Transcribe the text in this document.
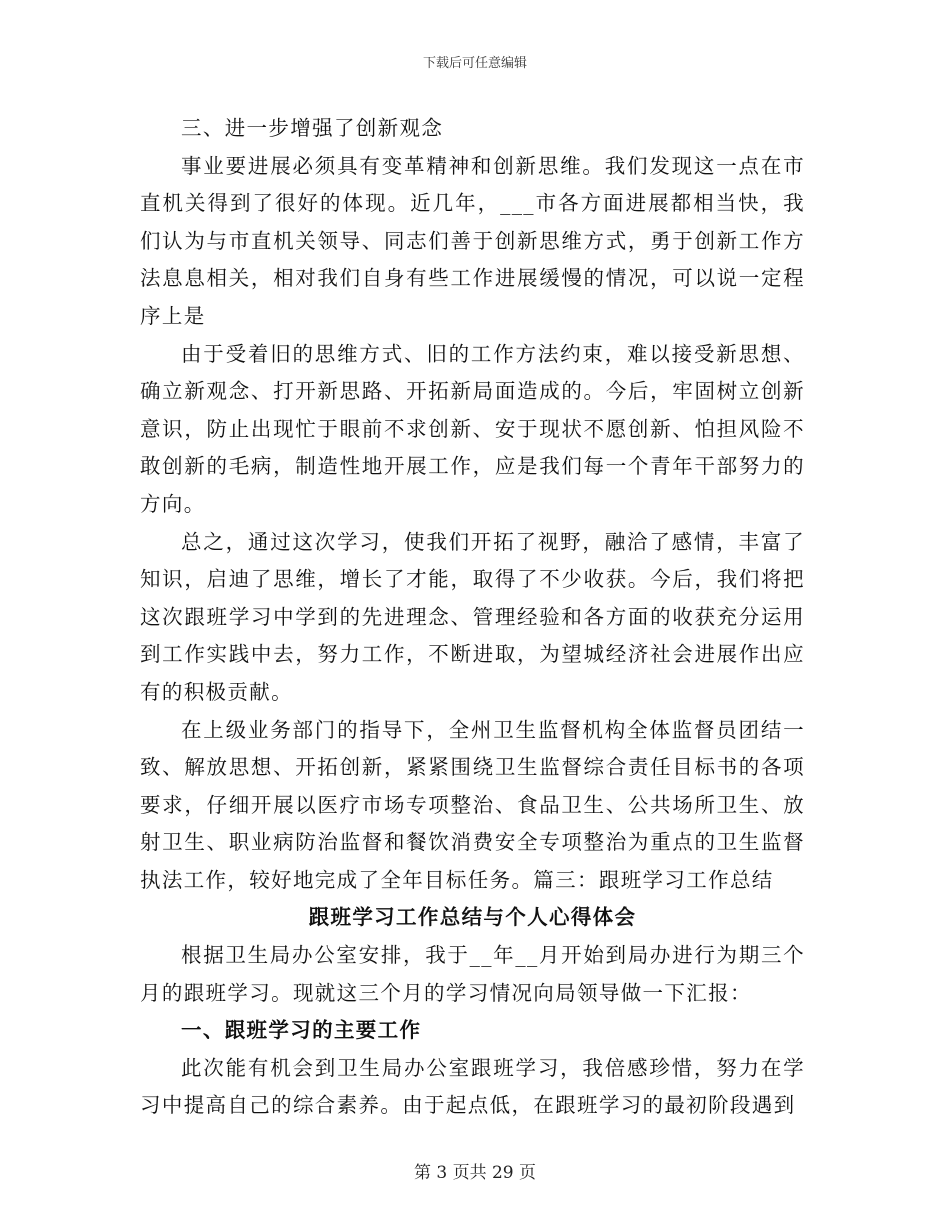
下载后可任意编辑

三、进一步增强了创新观念

事业要进展必须具有变革精神和创新思维。我们发现这一点在市直机关得到了很好的体现。近几年，___市各方面进展都相当快，我们认为与市直机关领导、同志们善于创新思维方式，勇于创新工作方法息息相关，相对我们自身有些工作进展缓慢的情况，可以说一定程序上是

由于受着旧的思维方式、旧的工作方法约束，难以接受新思想、确立新观念、打开新思路、开拓新局面造成的。今后，牢固树立创新意识，防止出现忙于眼前不求创新、安于现状不愿创新、怕担风险不敢创新的毛病，制造性地开展工作，应是我们每一个青年干部努力的方向。

总之，通过这次学习，使我们开拓了视野，融洽了感情，丰富了知识，启迪了思维，增长了才能，取得了不少收获。今后，我们将把这次跟班学习中学到的先进理念、管理经验和各方面的收获充分运用到工作实践中去，努力工作，不断进取，为望城经济社会进展作出应有的积极贡献。

在上级业务部门的指导下，全州卫生监督机构全体监督员团结一致、解放思想、开拓创新，紧紧围绕卫生监督综合责任目标书的各项要求，仔细开展以医疗市场专项整治、食品卫生、公共场所卫生、放射卫生、职业病防治监督和餐饮消费安全专项整治为重点的卫生监督执法工作，较好地完成了全年目标任务。篇三：跟班学习工作总结

跟班学习工作总结与个人心得体会

根据卫生局办公室安排，我于__年__月开始到局办进行为期三个月的跟班学习。现就这三个月的学习情况向局领导做一下汇报：

一、跟班学习的主要工作

此次能有机会到卫生局办公室跟班学习，我倍感珍惜，努力在学习中提高自己的综合素养。由于起点低，在跟班学习的最初阶段遇到

第 3 页共 29 页
